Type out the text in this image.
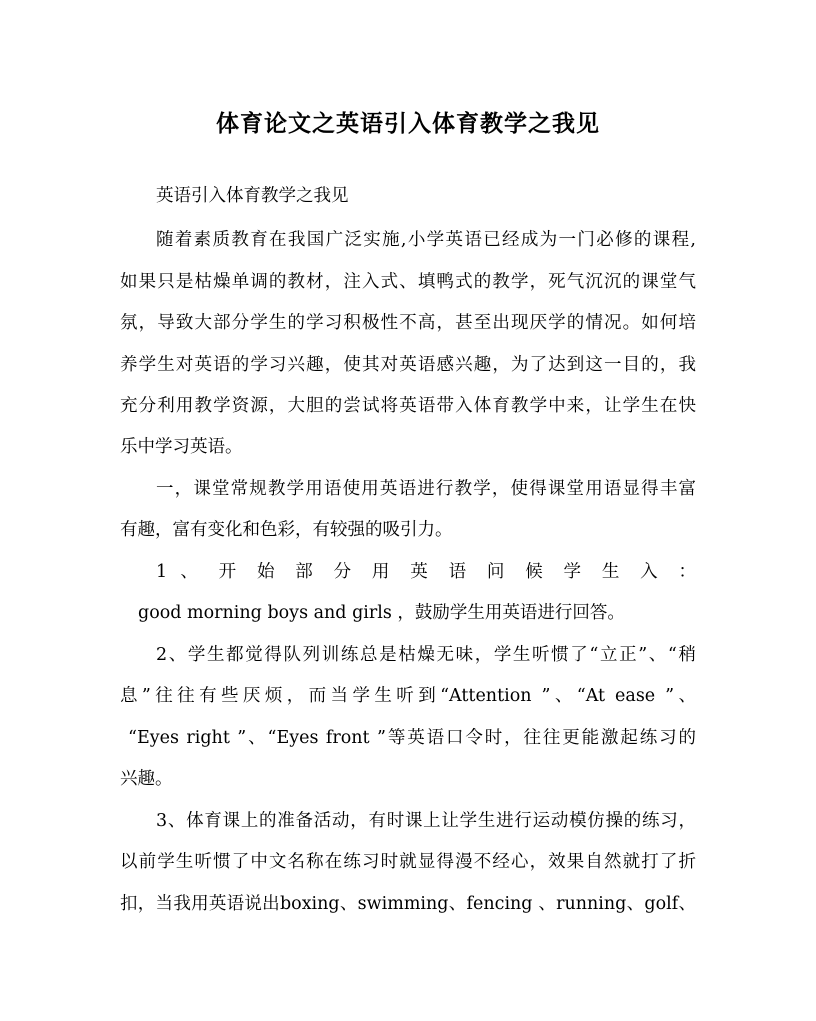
体育论文之英语引入体育教学之我见
英语引入体育教学之我见
随着素质教育在我国广泛实施,小学英语已经成为一门必修的课程,
如果只是枯燥单调的教材，注入式、填鸭式的教学，死气沉沉的课堂气
氛，导致大部分学生的学习积极性不高，甚至出现厌学的情况。如何培
养学生对英语的学习兴趣，使其对英语感兴趣，为了达到这一目的，我
充分利用教学资源，大胆的尝试将英语带入体育教学中来，让学生在快
乐中学习英语。
一，课堂常规教学用语使用英语进行教学，使得课堂用语显得丰富
有趣，富有变化和色彩，有较强的吸引力。
1 、 开 始 部 分 用 英 语 问 候 学 生 入 ：
good morning boys and girls ，鼓励学生用英语进行回答。
2、学生都觉得队列训练总是枯燥无味，学生听惯了“立正”、“稍
息”往往有些厌烦，而当学生听到“Attention ”、“At ease ”、
“Eyes right ”、“Eyes front ”等英语口令时，往往更能激起练习的
兴趣。
3、体育课上的准备活动，有时课上让学生进行运动模仿操的练习，
以前学生听惯了中文名称在练习时就显得漫不经心，效果自然就打了折
扣，当我用英语说出boxing、swimming、fencing 、running、golf、
